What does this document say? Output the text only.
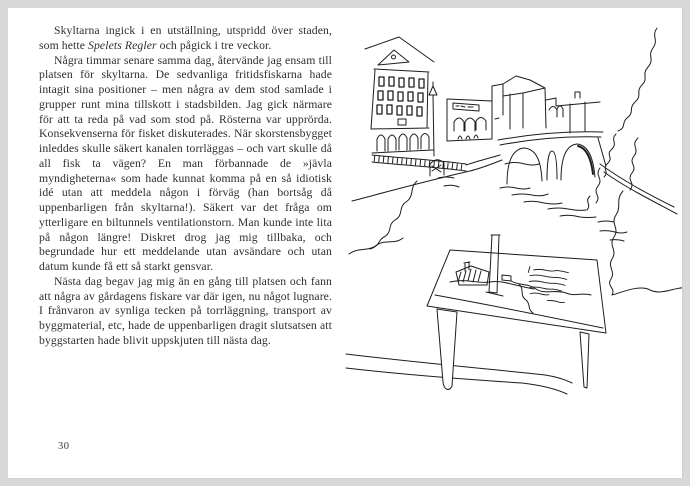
Skyltarna ingick i en utställning, utspridd över staden, som hette Spelets Regler och pågick i tre veckor.

Några timmar senare samma dag, återvände jag ensam till platsen för skyltarna. De sedvanliga fritidsfiskarna hade intagit sina positioner – men några av dem stod samlade i grupper runt mina tillskott i stadsbilden. Jag gick närmare för att ta reda på vad som stod på. Rösterna var upprörda. Konsekvenserna för fisket diskuterades. När skorstensbygget inleddes skulle säkert kanalen torrläggas – och vart skulle då all fisk ta vägen? En man förbannade de »jävla myndigheterna« som hade kunnat komma på en så idiotisk idé utan att meddela någon i förväg (han bortsåg då uppenbarligen från skyltarna!). Säkert var det fråga om ytterligare en biltunnels ventilationstorn. Man kunde inte lita på någon längre! Diskret drog jag mig tillbaka, och begrundade hur ett meddelande utan avsändare och utan datum kunde få ett så starkt gensvar.

Nästa dag begav jag mig än en gång till platsen och fann att några av gårdagens fiskare var där igen, nu något lugnare. I frånvaron av synliga tecken på torrläggning, transport av byggmaterial, etc, hade de uppenbarligen dragit slutsatsen att byggstarten hade blivit uppskjuten till nästa dag.

30
